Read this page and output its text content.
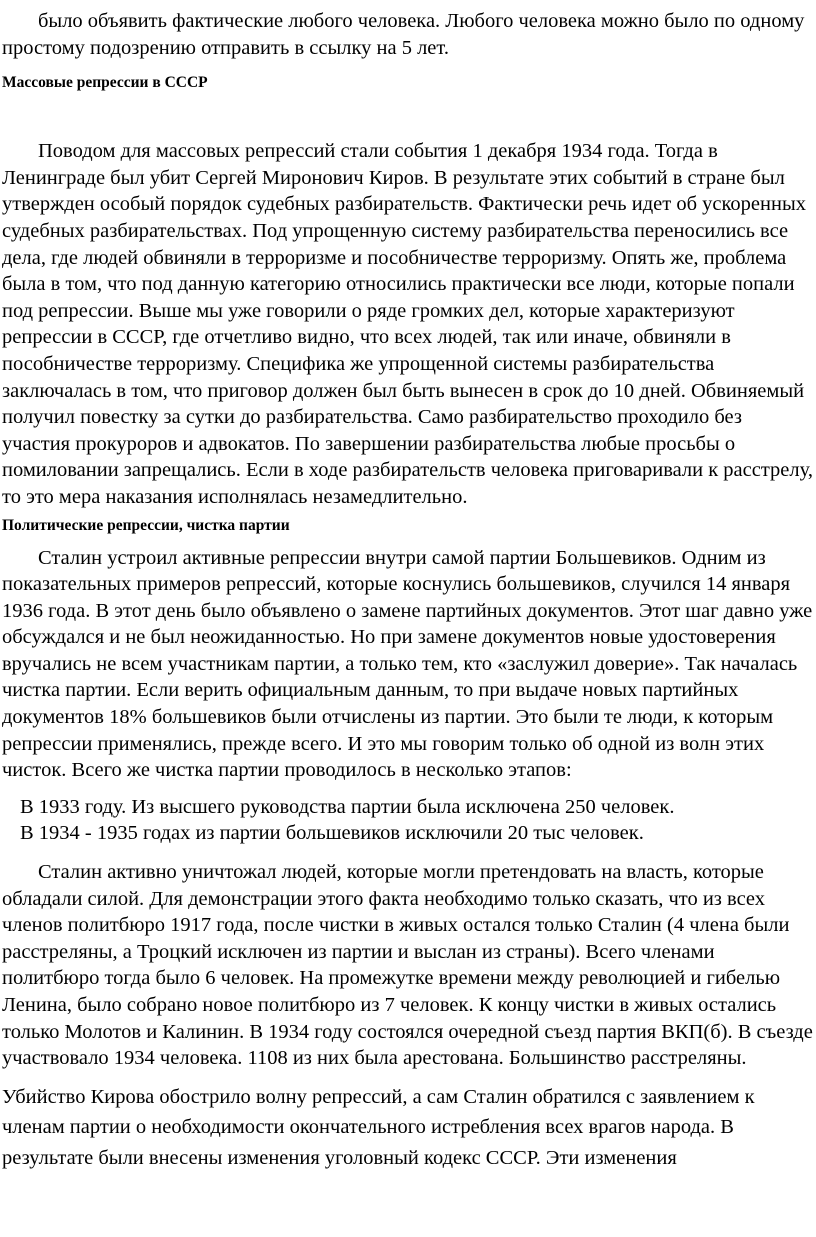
было объявить фактические любого человека. Любого человека можно было по одному простому подозрению отправить в ссылку на 5 лет.

Массовые репрессии в СССР

Поводом для массовых репрессий стали события 1 декабря 1934 года. Тогда в Ленинграде был убит Сергей Миронович Киров. В результате этих событий в стране был утвержден особый порядок судебных разбирательств. Фактически речь идет об ускоренных судебных разбирательствах. Под упрощенную систему разбирательства переносились все дела, где людей обвиняли в терроризме и пособничестве терроризму. Опять же, проблема была в том, что под данную категорию относились практически все люди, которые попали под репрессии. Выше мы уже говорили о ряде громких дел, которые характеризуют репрессии в СССР, где отчетливо видно, что всех людей, так или иначе, обвиняли в пособничестве терроризму. Специфика же упрощенной системы разбирательства заключалась в том, что приговор должен был быть вынесен в срок до 10 дней. Обвиняемый получил повестку за сутки до разбирательства. Само разбирательство проходило без участия прокуроров и адвокатов. По завершении разбирательства любые просьбы о помиловании запрещались. Если в ходе разбирательств человека приговаривали к расстрелу, то это мера наказания исполнялась незамедлительно.

Политические репрессии, чистка партии

Сталин устроил активные репрессии внутри самой партии Большевиков. Одним из показательных примеров репрессий, которые коснулись большевиков, случился 14 января 1936 года. В этот день было объявлено о замене партийных документов. Этот шаг давно уже обсуждался и не был неожиданностью. Но при замене документов новые удостоверения вручались не всем участникам партии, а только тем, кто «заслужил доверие». Так началась чистка партии. Если верить официальным данным, то при выдаче новых партийных документов 18% большевиков были отчислены из партии. Это были те люди, к которым репрессии применялись, прежде всего. И это мы говорим только об одной из волн этих чисток. Всего же чистка партии проводилось в несколько этапов:

В 1933 году. Из высшего руководства партии была исключена 250 человек.

В 1934 - 1935 годах из партии большевиков исключили 20 тыс человек.

Сталин активно уничтожал людей, которые могли претендовать на власть, которые обладали силой. Для демонстрации этого факта необходимо только сказать, что из всех членов политбюро 1917 года, после чистки в живых остался только Сталин (4 члена были расстреляны, а Троцкий исключен из партии и выслан из страны). Всего членами политбюро тогда было 6 человек. На промежутке времени между революцией и гибелью Ленина, было собрано новое политбюро из 7 человек. К концу чистки в живых остались только Молотов и Калинин. В 1934 году состоялся очередной съезд партия ВКП(б). В съезде участвовало 1934 человека. 1108 из них была арестована. Большинство расстреляны.

Убийство Кирова обострило волну репрессий, а сам Сталин обратился с заявлением к членам партии о необходимости окончательного истребления всех врагов народа. В результате были внесены изменения уголовный кодекс СССР. Эти изменения
